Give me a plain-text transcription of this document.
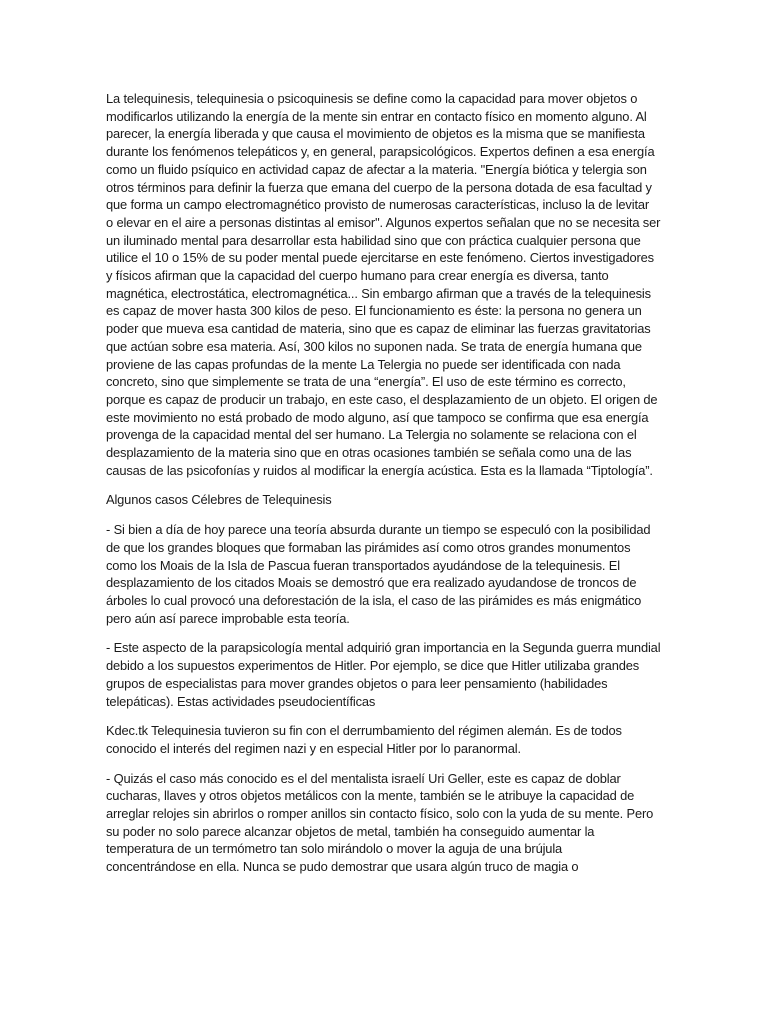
La telequinesis, telequinesia o psicoquinesis se define como la capacidad para mover objetos o
modificarlos utilizando la energía de la mente sin entrar en contacto físico en momento alguno. Al
parecer, la energía liberada y que causa el movimiento de objetos es la misma que se manifiesta
durante los fenómenos telepáticos y, en general, parapsicológicos. Expertos definen a esa energía
como un fluido psíquico en actividad capaz de afectar a la materia. "Energía biótica y telergia son
otros términos para definir la fuerza que emana del cuerpo de la persona dotada de esa facultad y
que forma un campo electromagnético provisto de numerosas características, incluso la de levitar
o elevar en el aire a personas distintas al emisor". Algunos expertos señalan que no se necesita ser
un iluminado mental para desarrollar esta habilidad sino que con práctica cualquier persona que
utilice el 10 o 15% de su poder mental puede ejercitarse en este fenómeno. Ciertos investigadores
y físicos afirman que la capacidad del cuerpo humano para crear energía es diversa, tanto
magnética, electrostática, electromagnética... Sin embargo afirman que a través de la telequinesis
es capaz de mover hasta 300 kilos de peso. El funcionamiento es éste: la persona no genera un
poder que mueva esa cantidad de materia, sino que es capaz de eliminar las fuerzas gravitatorias
que actúan sobre esa materia. Así, 300 kilos no suponen nada. Se trata de energía humana que
proviene de las capas profundas de la mente La Telergia no puede ser identificada con nada
concreto, sino que simplemente se trata de una “energía”. El uso de este término es correcto,
porque es capaz de producir un trabajo, en este caso, el desplazamiento de un objeto. El origen de
este movimiento no está probado de modo alguno, así que tampoco se confirma que esa energía
provenga de la capacidad mental del ser humano. La Telergia no solamente se relaciona con el
desplazamiento de la materia sino que en otras ocasiones también se señala como una de las
causas de las psicofonías y ruidos al modificar la energía acústica. Esta es la llamada “Tiptología”.

Algunos casos Célebres de Telequinesis

- Si bien a día de hoy parece una teoría absurda durante un tiempo se especuló con la posibilidad
de que los grandes bloques que formaban las pirámides así como otros grandes monumentos
como los Moais de la Isla de Pascua fueran transportados ayudándose de la telequinesis. El
desplazamiento de los citados Moais se demostró que era realizado ayudandose de troncos de
árboles lo cual provocó una deforestación de la isla, el caso de las pirámides es más enigmático
pero aún así parece improbable esta teoría.

- Este aspecto de la parapsicología mental adquirió gran importancia en la Segunda guerra mundial
debido a los supuestos experimentos de Hitler. Por ejemplo, se dice que Hitler utilizaba grandes
grupos de especialistas para mover grandes objetos o para leer pensamiento (habilidades
telepáticas). Estas actividades pseudocientíficas

Kdec.tk Telequinesia tuvieron su fin con el derrumbamiento del régimen alemán. Es de todos
conocido el interés del regimen nazi y en especial Hitler por lo paranormal.

- Quizás el caso más conocido es el del mentalista israelí Uri Geller, este es capaz de doblar
cucharas, llaves y otros objetos metálicos con la mente, también se le atribuye la capacidad de
arreglar relojes sin abrirlos o romper anillos sin contacto físico, solo con la yuda de su mente. Pero
su poder no solo parece alcanzar objetos de metal, también ha conseguido aumentar la
temperatura de un termómetro tan solo mirándolo o mover la aguja de una brújula
concentrándose en ella. Nunca se pudo demostrar que usara algún truco de magia o
